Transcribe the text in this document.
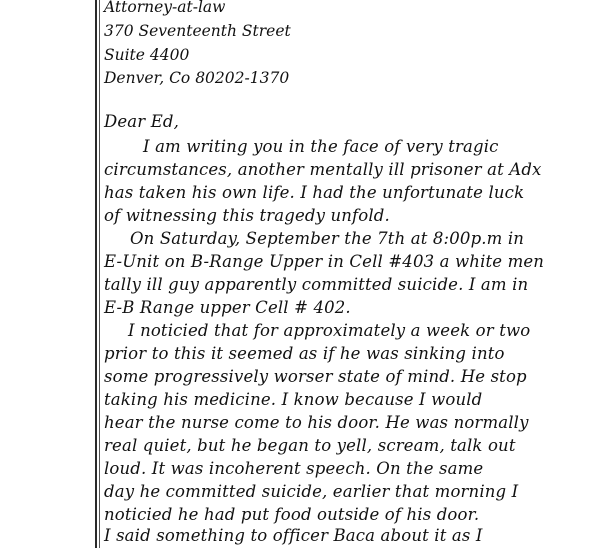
Attorney-at-law
370 Seventeenth Street
Suite 4400
Denver, Co 80202-1370
Dear Ed,
I am writing you in the face of very tragic
circumstances, another mentally ill prisoner at Adx
has taken his own life. I had the unfortunate luck
of witnessing this tragedy unfold.
On Saturday, September the 7th at 8:00p.m in
E-Unit on B-Range Upper in Cell #403 a white men
tally ill guy apparently committed suicide. I am in
E-B Range upper Cell # 402.
I noticied that for approximately a week or two
prior to this it seemed as if he was sinking into
some progressively worser state of mind. He stop
taking his medicine. I know because I would
hear the nurse come to his door. He was normally
real quiet, but he began to yell, scream, talk out
loud. It was incoherent speech. On the same
day he committed suicide, earlier that morning I
noticied he had put food outside of his door.
I said something to officer Baca about it as I
